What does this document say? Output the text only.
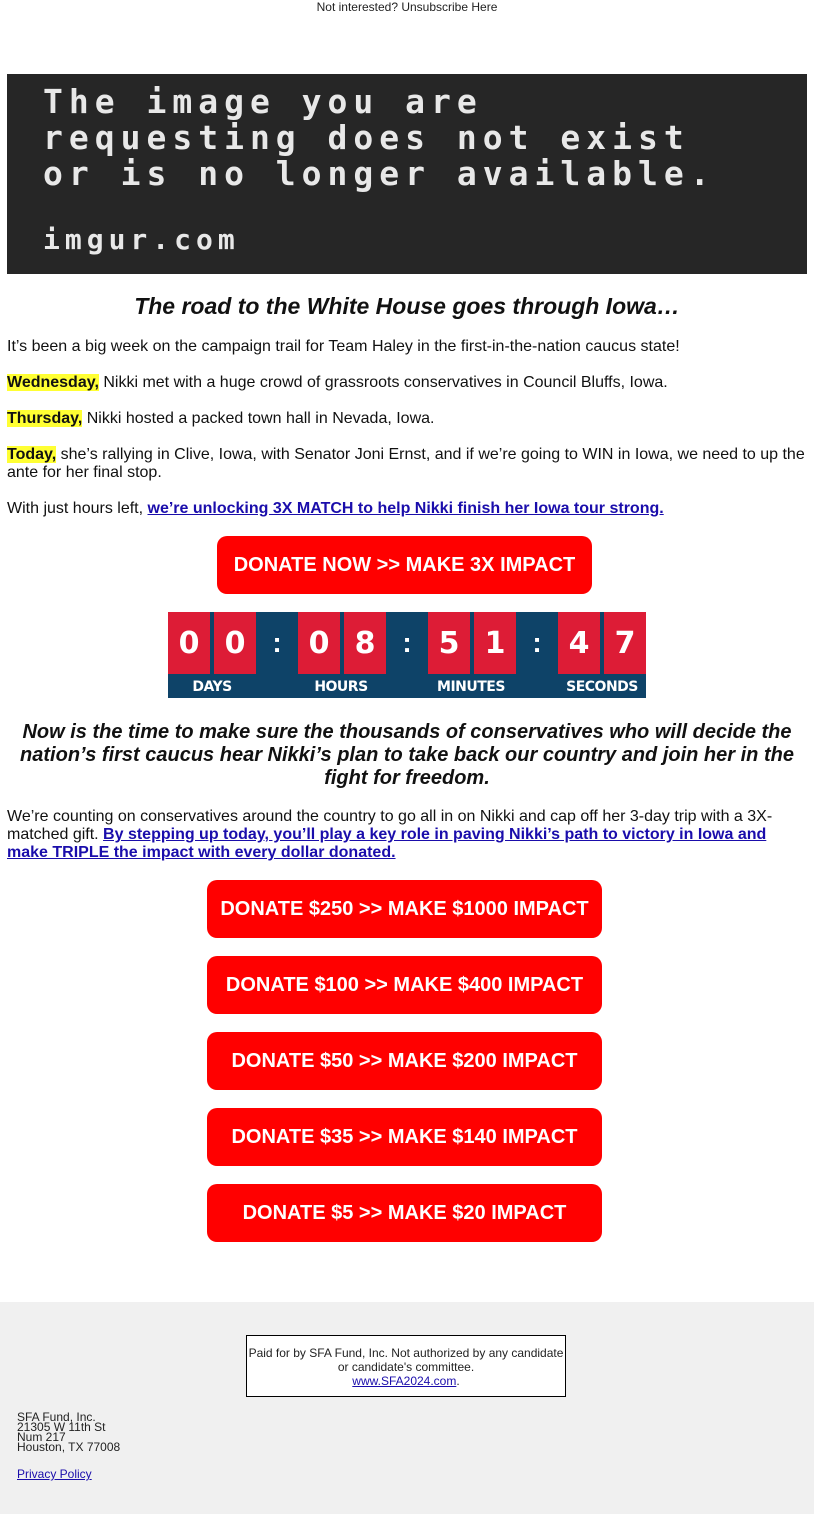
Not interested? Unsubscribe Here
The image you are
requesting does not exist
or is no longer available.
imgur.com
The road to the White House goes through Iowa…
It’s been a big week on the campaign trail for Team Haley in the first-in-the-nation caucus state!
Wednesday, Nikki met with a huge crowd of grassroots conservatives in Council Bluffs, Iowa.
Thursday, Nikki hosted a packed town hall in Nevada, Iowa.
Today, she’s rallying in Clive, Iowa, with Senator Joni Ernst, and if we’re going to WIN in Iowa, we need to up the ante for her final stop.
With just hours left, we’re unlocking 3X MATCH to help Nikki finish her Iowa tour strong.
DONATE NOW >> MAKE 3X IMPACT
0 0 : 0 8 : 5 1 : 4 7
DAYS	HOURS	MINUTES	SECONDS
Now is the time to make sure the thousands of conservatives who will decide the nation’s first caucus hear Nikki’s plan to take back our country and join her in the fight for freedom.
We’re counting on conservatives around the country to go all in on Nikki and cap off her 3-day trip with a 3X-matched gift. By stepping up today, you’ll play a key role in paving Nikki’s path to victory in Iowa and make TRIPLE the impact with every dollar donated.
DONATE $250 >> MAKE $1000 IMPACT
DONATE $100 >> MAKE $400 IMPACT
DONATE $50 >> MAKE $200 IMPACT
DONATE $35 >> MAKE $140 IMPACT
DONATE $5 >> MAKE $20 IMPACT
Paid for by SFA Fund, Inc. Not authorized by any candidate or candidate's committee.
www.SFA2024.com.
SFA Fund, Inc.
21305 W 11th St
Num 217
Houston, TX 77008
Privacy Policy
